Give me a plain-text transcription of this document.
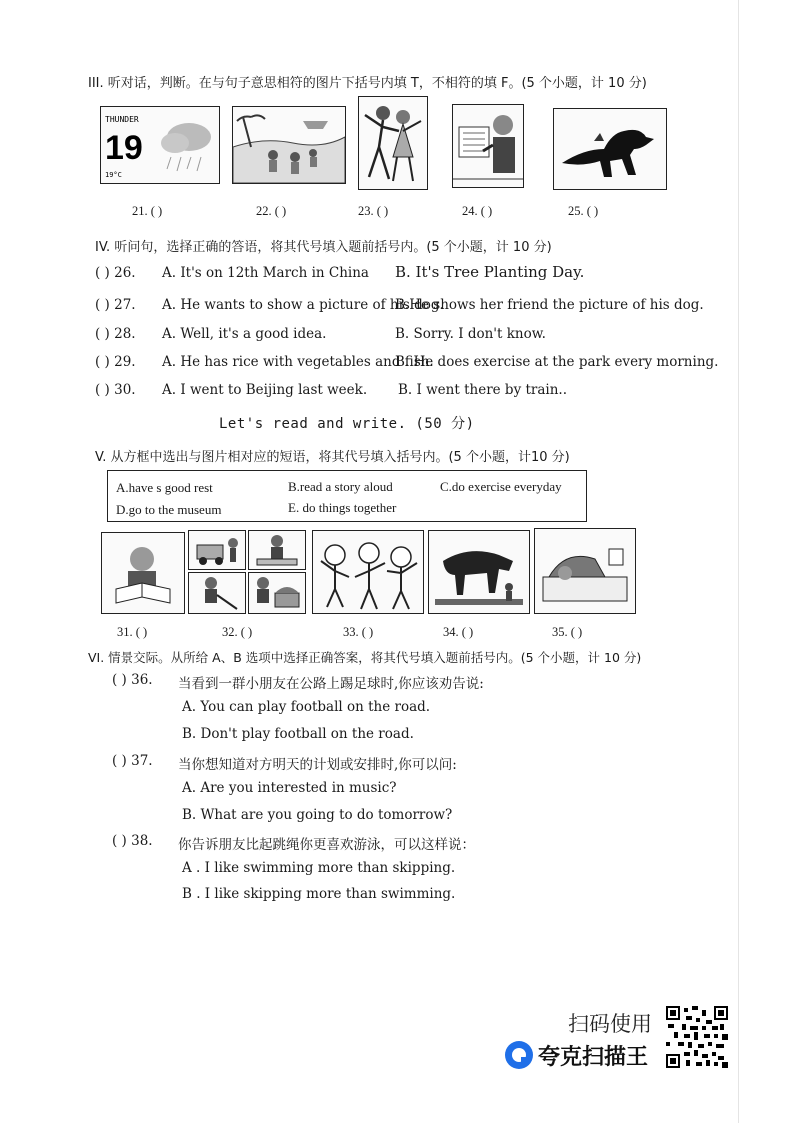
III. 听对话，判断。在与句子意思相符的图片下括号内填 T，不相符的填 F。(5 个小题，计 10 分)
THUNDER
19
19°C
21. ( )	22. ( )	23. ( )	24. ( )	25. ( )
IV. 听问句，选择正确的答语，将其代号填入题前括号内。(5 个小题，计 10 分)
( ) 26. A. It's on 12th March in China B. It's Tree Planting Day.
( ) 27. A. He wants to show a picture of his dog.
B.He shows her friend the picture of his dog.
( ) 28. A. Well, it's a good idea.	B. Sorry. I don't know.
( ) 29. A. He has rice with vegetables and fish.
B. He does exercise at the park every morning.
( ) 30. A. I went to Beijing last week. B. I went there by train..
Let's read and write. (50 分)
V. 从方框中选出与图片相对应的短语，将其代号填入括号内。(5 个小题，计10 分)
A.have s good rest	B.read a story aloud	C.do exercise everyday
D.go to the museum	E. do things together
31. ( )	32. ( )	33. ( )	34. ( )	35. ( )
VI. 情景交际。从所给 A、B 选项中选择正确答案，将其代号填入题前括号内。(5 个小题，计 10 分)
( ) 36. 当看到一群小朋友在公路上踢足球时,你应该劝告说:
A. You can play football on the road.
B. Don't play football on the road.
( ) 37. 当你想知道对方明天的计划或安排时,你可以问:
A. Are you interested in music?
B. What are you going to do tomorrow?
( ) 38. 你告诉朋友比起跳绳你更喜欢游泳，可以这样说：
A . I like swimming more than skipping.
B . I like skipping more than swimming.
扫码使用
夸克扫描王
